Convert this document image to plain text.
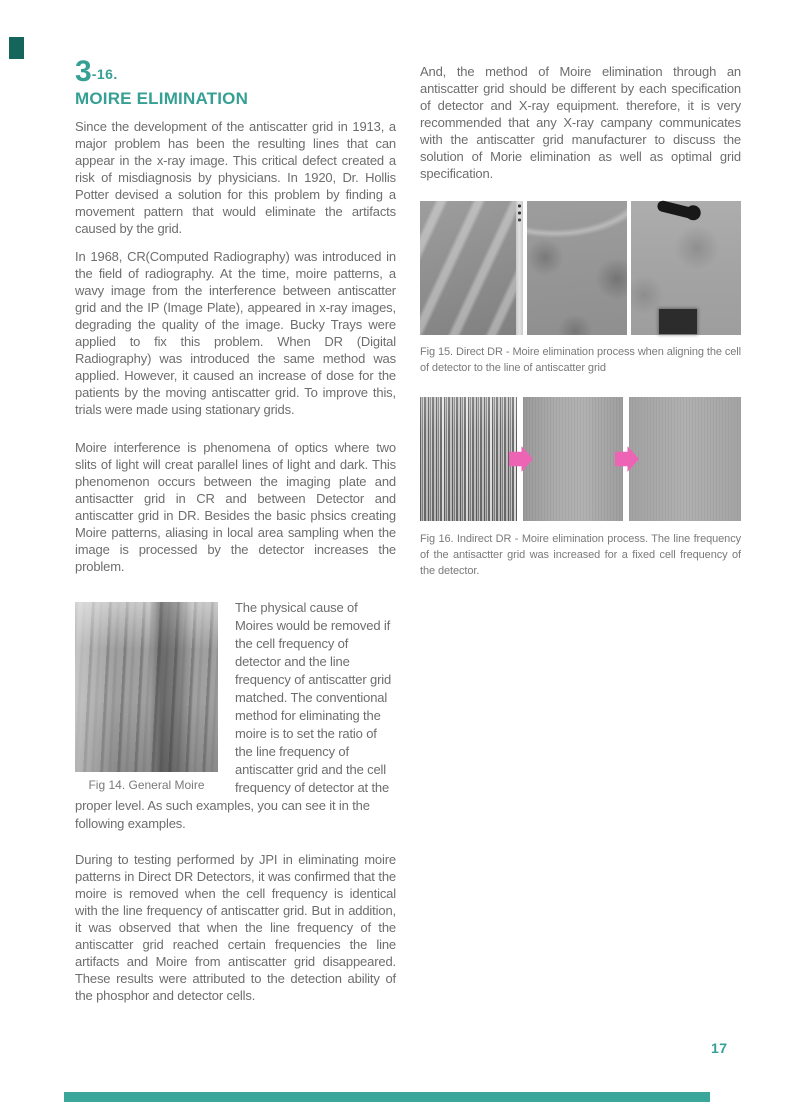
3 -16.
MOIRE ELIMINATION

Since the development of the antiscatter grid in 1913, a major problem has been the resulting lines that can appear in the x-ray image. This critical defect created a risk of misdiagnosis by physicians. In 1920, Dr. Hollis Potter devised a solution for this problem by finding a movement pattern that would eliminate the artifacts caused by the grid.

In 1968, CR(Computed Radiography) was introduced in the field of radiography. At the time, moire patterns, a wavy image from the interference between antiscatter grid and the IP (Image Plate), appeared in x-ray images, degrading the quality of the image. Bucky Trays were applied to fix this problem. When DR (Digital Radiography) was introduced the same method was applied. However, it caused an increase of dose for the patients by the moving antiscatter grid. To improve this, trials were made using stationary grids.

Moire interference is phenomena of optics where two slits of light will creat parallel lines of light and dark. This phenomenon occurs between the imaging plate and antisactter grid in CR and between Detector and antiscatter grid in DR. Besides the basic phsics creating Moire patterns, aliasing in local area sampling when the image is processed by the detector increases the problem.

Fig 14. General Moire
The physical cause of Moires would be removed if the cell frequency of detector and the line frequency of antiscatter grid matched. The conventional method for eliminating the moire is to set the ratio of the line frequency of antiscatter grid and the cell frequency of detector at the proper level. As such examples, you can see it in the following examples.

During to testing performed by JPI in eliminating moire patterns in Direct DR Detectors, it was confirmed that the moire is removed when the cell frequency is identical with the line frequency of antiscatter grid. But in addition, it was observed that when the line frequency of the antiscatter grid reached certain frequencies the line artifacts and Moire from antiscatter grid disappeared. These results were attributed to the detection ability of the phosphor and detector cells.

And, the method of Moire elimination through an antiscatter grid should be different by each specification of detector and X-ray equipment. therefore, it is very recommended that any X-ray campany communicates with the antiscatter grid manufacturer to discuss the solution of Morie elimination as well as optimal grid specification.

Fig 15. Direct DR - Moire elimination process when aligning the cell of detector to the line of antiscatter grid

Fig 16. Indirect DR - Moire elimination process. The line frequency of the antisactter grid was increased for a fixed cell frequency of the detector.

17
